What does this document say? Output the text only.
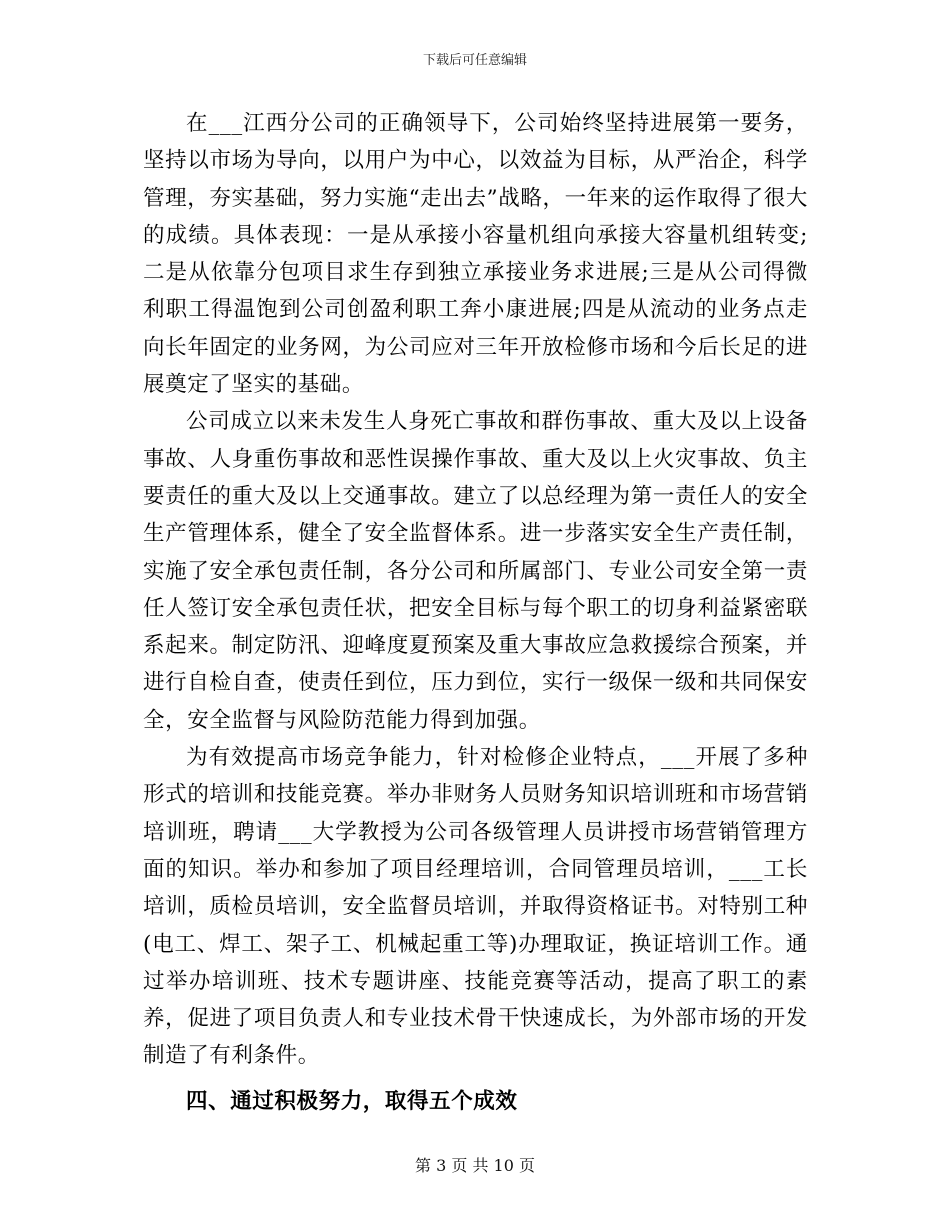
下载后可任意编辑

在___江西分公司的正确领导下，公司始终坚持进展第一要务，坚持以市场为导向，以用户为中心，以效益为目标，从严治企，科学管理，夯实基础，努力实施“走出去”战略，一年来的运作取得了很大的成绩。具体表现：一是从承接小容量机组向承接大容量机组转变;二是从依靠分包项目求生存到独立承接业务求进展;三是从公司得微利职工得温饱到公司创盈利职工奔小康进展;四是从流动的业务点走向长年固定的业务网，为公司应对三年开放检修市场和今后长足的进展奠定了坚实的基础。

公司成立以来未发生人身死亡事故和群伤事故、重大及以上设备事故、人身重伤事故和恶性误操作事故、重大及以上火灾事故、负主要责任的重大及以上交通事故。建立了以总经理为第一责任人的安全生产管理体系，健全了安全监督体系。进一步落实安全生产责任制，实施了安全承包责任制，各分公司和所属部门、专业公司安全第一责任人签订安全承包责任状，把安全目标与每个职工的切身利益紧密联系起来。制定防汛、迎峰度夏预案及重大事故应急救援综合预案，并进行自检自查，使责任到位，压力到位，实行一级保一级和共同保安全，安全监督与风险防范能力得到加强。

为有效提高市场竞争能力，针对检修企业特点，___开展了多种形式的培训和技能竞赛。举办非财务人员财务知识培训班和市场营销培训班，聘请___大学教授为公司各级管理人员讲授市场营销管理方面的知识。举办和参加了项目经理培训，合同管理员培训，___工长培训，质检员培训，安全监督员培训，并取得资格证书。对特别工种(电工、焊工、架子工、机械起重工等)办理取证，换证培训工作。通过举办培训班、技术专题讲座、技能竞赛等活动，提高了职工的素养，促进了项目负责人和专业技术骨干快速成长，为外部市场的开发制造了有利条件。

四、通过积极努力，取得五个成效

第 3 页 共 10 页
